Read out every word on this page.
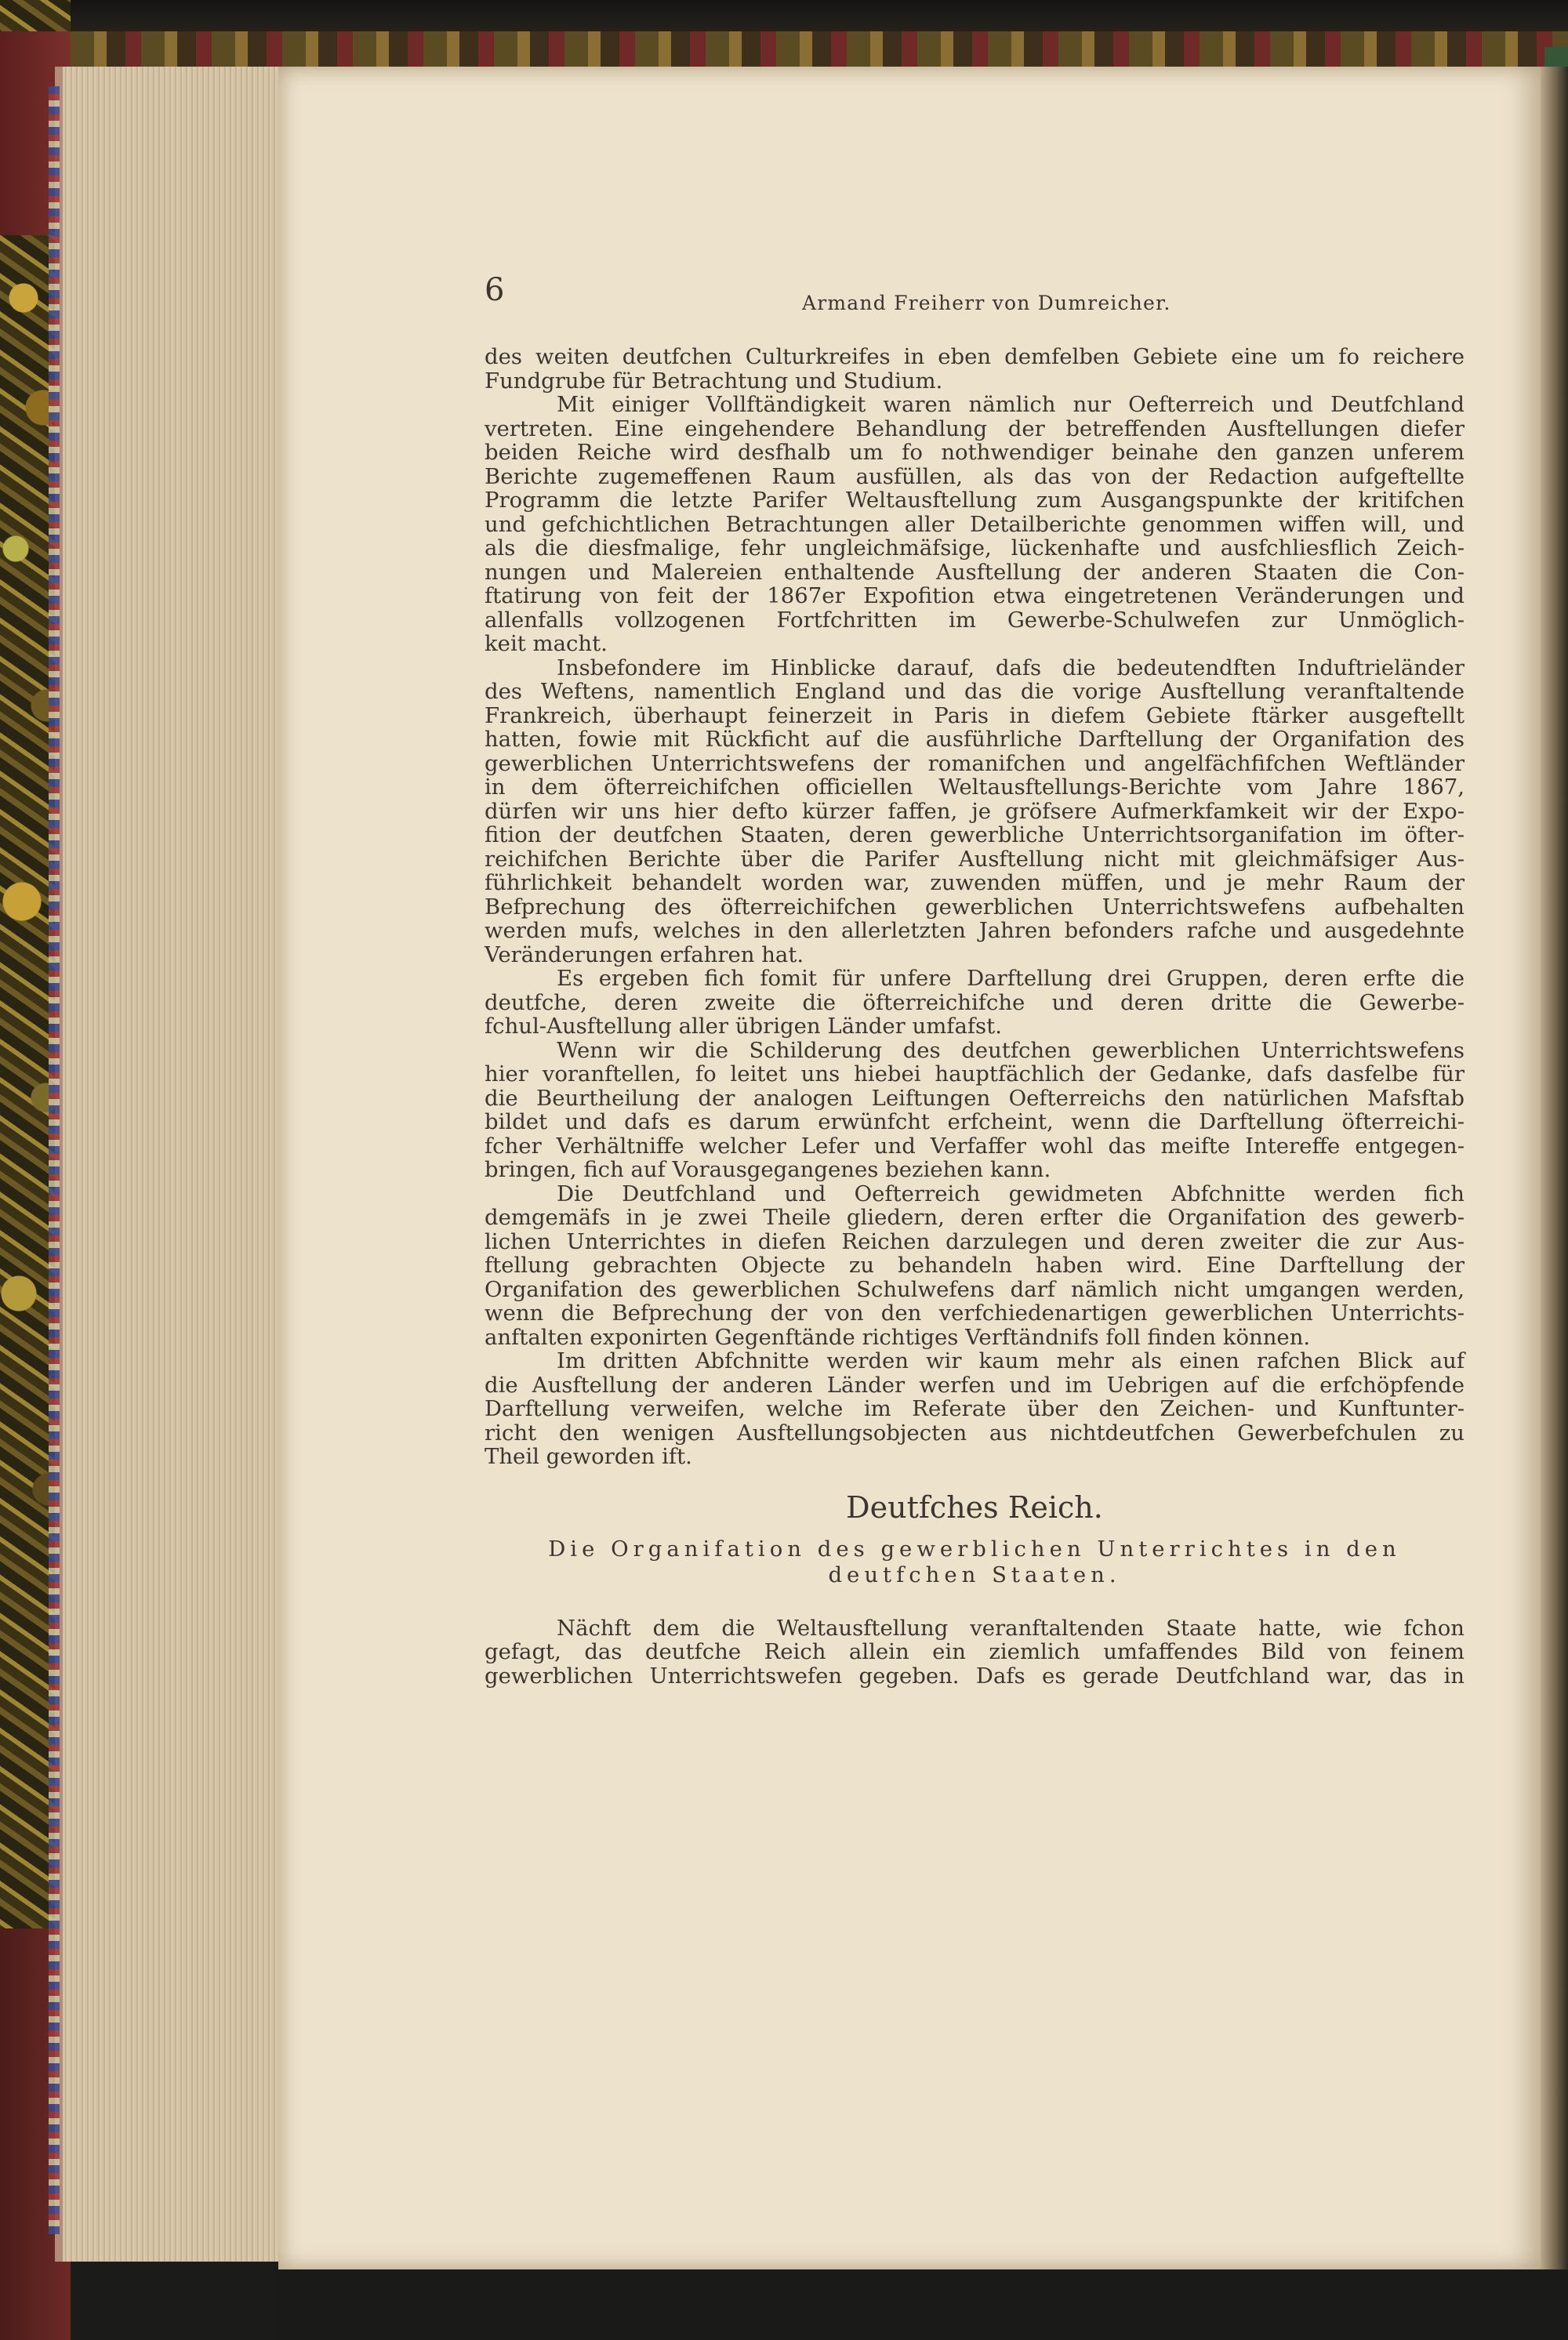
6	Armand Freiherr von Dumreicher.

des weiten deutfchen Culturkreifes in eben demfelben Gebiete eine um fo reichere
Fundgrube für Betrachtung und Studium.

Mit einiger Vollftändigkeit waren nämlich nur Oefterreich und Deutfchland
vertreten. Eine eingehendere Behandlung der betreffenden Ausftellungen diefer
beiden Reiche wird desfhalb um fo nothwendiger beinahe den ganzen unferem
Berichte zugemeffenen Raum ausfüllen, als das von der Redaction aufgeftellte
Programm die letzte Parifer Weltausftellung zum Ausgangspunkte der kritifchen
und gefchichtlichen Betrachtungen aller Detailberichte genommen wiffen will, und
als die diesfmalige, fehr ungleichmäfsige, lückenhafte und ausfchliesflich Zeich-
nungen und Malereien enthaltende Ausftellung der anderen Staaten die Con-
ftatirung von feit der 1867er Expofition etwa eingetretenen Veränderungen und
allenfalls vollzogenen Fortfchritten im Gewerbe-Schulwefen zur Unmöglich-
keit macht.

Insbefondere im Hinblicke darauf, dafs die bedeutendften Induftrieländer
des Weftens, namentlich England und das die vorige Ausftellung veranftaltende
Frankreich, überhaupt feinerzeit in Paris in diefem Gebiete ftärker ausgeftellt
hatten, fowie mit Rückficht auf die ausführliche Darftellung der Organifation des
gewerblichen Unterrichtswefens der romanifchen und angelfächfifchen Weftländer
in dem öfterreichifchen officiellen Weltausftellungs-Berichte vom Jahre 1867,
dürfen wir uns hier defto kürzer faffen, je gröfsere Aufmerkfamkeit wir der Expo-
fition der deutfchen Staaten, deren gewerbliche Unterrichtsorganifation im öfter-
reichifchen Berichte über die Parifer Ausftellung nicht mit gleichmäfsiger Aus-
führlichkeit behandelt worden war, zuwenden müffen, und je mehr Raum der
Befprechung des öfterreichifchen gewerblichen Unterrichtswefens aufbehalten
werden mufs, welches in den allerletzten Jahren befonders rafche und ausgedehnte
Veränderungen erfahren hat.

Es ergeben fich fomit für unfere Darftellung drei Gruppen, deren erfte die
deutfche, deren zweite die öfterreichifche und deren dritte die Gewerbe-
fchul-Ausftellung aller übrigen Länder umfafst.

Wenn wir die Schilderung des deutfchen gewerblichen Unterrichtswefens
hier voranftellen, fo leitet uns hiebei hauptfächlich der Gedanke, dafs dasfelbe für
die Beurtheilung der analogen Leiftungen Oefterreichs den natürlichen Mafsftab
bildet und dafs es darum erwünfcht erfcheint, wenn die Darftellung öfterreichi-
fcher Verhältniffe welcher Lefer und Verfaffer wohl das meifte Intereffe entgegen-
bringen, fich auf Vorausgegangenes beziehen kann.

Die Deutfchland und Oefterreich gewidmeten Abfchnitte werden fich
demgemäfs in je zwei Theile gliedern, deren erfter die Organifation des gewerb-
lichen Unterrichtes in diefen Reichen darzulegen und deren zweiter die zur Aus-
ftellung gebrachten Objecte zu behandeln haben wird. Eine Darftellung der
Organifation des gewerblichen Schulwefens darf nämlich nicht umgangen werden,
wenn die Befprechung der von den verfchiedenartigen gewerblichen Unterrichts-
anftalten exponirten Gegenftände richtiges Verftändnifs foll finden können.

Im dritten Abfchnitte werden wir kaum mehr als einen rafchen Blick auf
die Ausftellung der anderen Länder werfen und im Uebrigen auf die erfchöpfende
Darftellung verweifen, welche im Referate über den Zeichen- und Kunftunter-
richt den wenigen Ausftellungsobjecten aus nichtdeutfchen Gewerbefchulen zu
Theil geworden ift.

Deutfches Reich.
Die Organifation des gewerblichen Unterrichtes in den
deutfchen Staaten.

Nächft dem die Weltausftellung veranftaltenden Staate hatte, wie fchon
gefagt, das deutfche Reich allein ein ziemlich umfaffendes Bild von feinem
gewerblichen Unterrichtswefen gegeben. Dafs es gerade Deutfchland war, das in
